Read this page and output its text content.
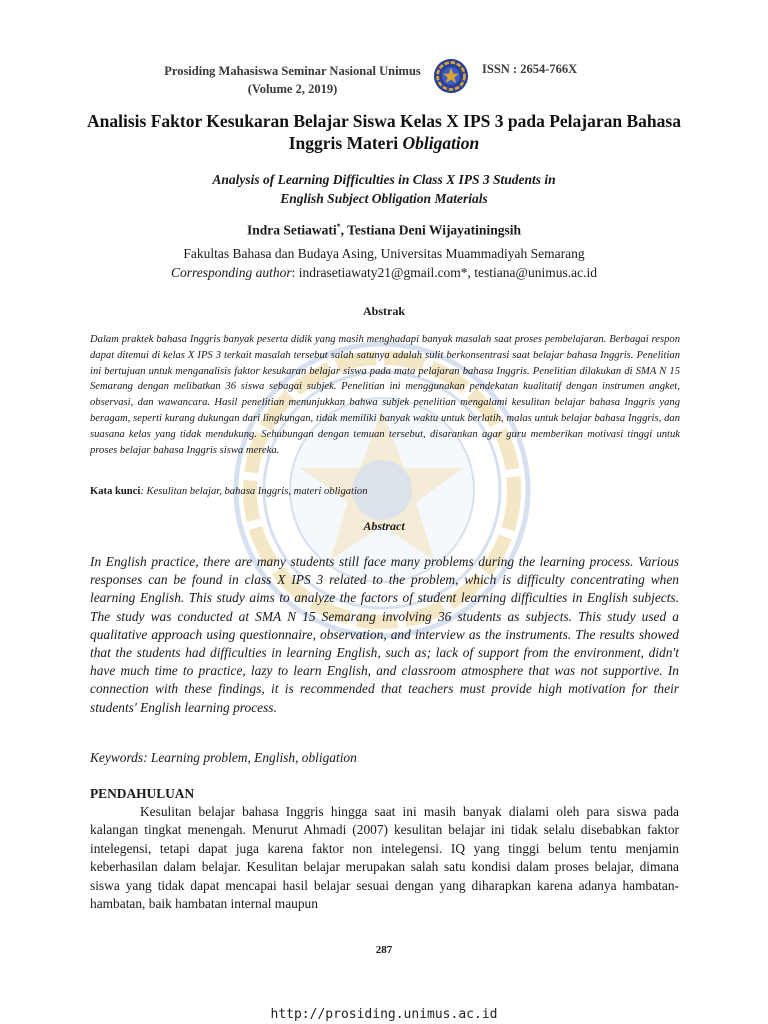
Prosiding Mahasiswa Seminar Nasional Unimus
(Volume 2, 2019)
ISSN : 2654-766X
Analisis Faktor Kesukaran Belajar Siswa Kelas X IPS 3 pada Pelajaran Bahasa Inggris Materi Obligation
Analysis of Learning Difficulties in Class X IPS 3 Students in
English Subject Obligation Materials
Indra Setiawati*, Testiana Deni Wijayatiningsih
Fakultas Bahasa dan Budaya Asing, Universitas Muammadiyah Semarang
Corresponding author: indrasetiawaty21@gmail.com*, testiana@unimus.ac.id
Abstrak
Dalam praktek bahasa Inggris banyak peserta didik yang masih menghadapi banyak masalah saat proses pembelajaran. Berbagai respon dapat ditemui di kelas X IPS 3 terkait masalah tersebut salah satunya adalah sulit berkonsentrasi saat belajar bahasa Inggris. Penelitian ini bertujuan untuk menganalisis faktor kesukaran belajar siswa pada mata pelajaran bahasa Inggris. Penelitian dilakukan di SMA N 15 Semarang dengan melibatkan 36 siswa sebagai subjek. Penelitian ini menggunakan pendekatan kualitatif dengan instrumen angket, observasi, dan wawancara. Hasil penelitian menunjukkan bahwa subjek penelitian mengalami kesulitan belajar bahasa Inggris yang beragam, seperti kurang dukungan dari lingkungan, tidak memiliki banyak waktu untuk berlatih, malas untuk belajar bahasa Inggris, dan suasana kelas yang tidak mendukung. Sehubungan dengan temuan tersebut, disarankan agar guru memberikan motivasi tinggi untuk proses belajar bahasa Inggris siswa mereka.
Kata kunci: Kesulitan belajar, bahasa Inggris, materi obligation
Abstract
In English practice, there are many students still face many problems during the learning process. Various responses can be found in class X IPS 3 related to the problem, which is difficulty concentrating when learning English. This study aims to analyze the factors of student learning difficulties in English subjects. The study was conducted at SMA N 15 Semarang involving 36 students as subjects. This study used a qualitative approach using questionnaire, observation, and interview as the instruments. The results showed that the students had difficulties in learning English, such as; lack of support from the environment, didn't have much time to practice, lazy to learn English, and classroom atmosphere that was not supportive. In connection with these findings, it is recommended that teachers must provide high motivation for their students' English learning process.
Keywords: Learning problem, English, obligation
PENDAHULUAN
Kesulitan belajar bahasa Inggris hingga saat ini masih banyak dialami oleh para siswa pada kalangan tingkat menengah. Menurut Ahmadi (2007) kesulitan belajar ini tidak selalu disebabkan faktor intelegensi, tetapi dapat juga karena faktor non intelegensi. IQ yang tinggi belum tentu menjamin keberhasilan dalam belajar. Kesulitan belajar merupakan salah satu kondisi dalam proses belajar, dimana siswa yang tidak dapat mencapai hasil belajar sesuai dengan yang diharapkan karena adanya hambatan-hambatan, baik hambatan internal maupun
287
http://prosiding.unimus.ac.id
